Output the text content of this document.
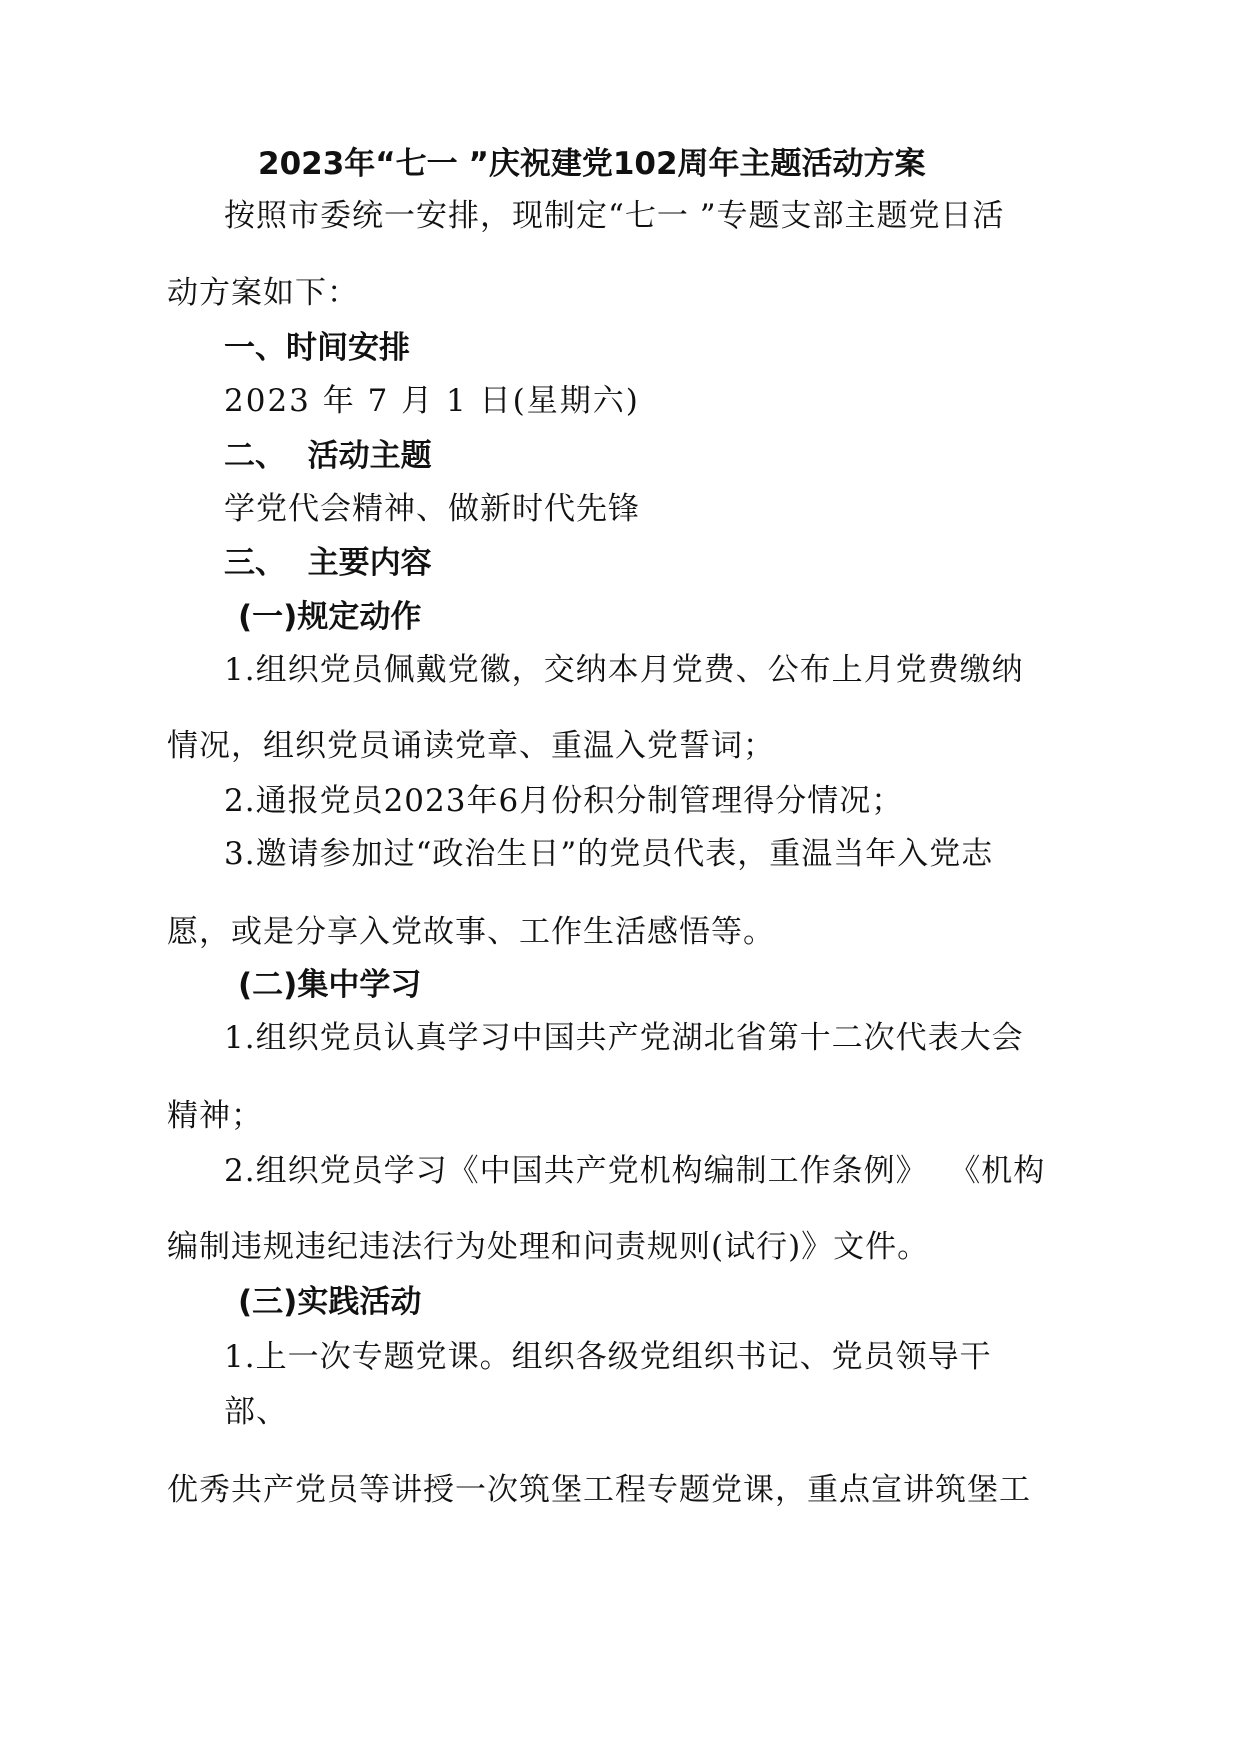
2023年“七一 ”庆祝建党102周年主题活动方案
按照市委统一安排，现制定“七一 ”专题支部主题党日活
动方案如下：
一、时间安排
2023 年 7 月 1 日(星期六)
二、  活动主题
学党代会精神、做新时代先锋
三、  主要内容
(一)规定动作
1.组织党员佩戴党徽，交纳本月党费、公布上月党费缴纳
情况，组织党员诵读党章、重温入党誓词；
2.通报党员2023年6月份积分制管理得分情况；
3.邀请参加过“政治生日”的党员代表，重温当年入党志
愿，或是分享入党故事、工作生活感悟等。
(二)集中学习
1.组织党员认真学习中国共产党湖北省第十二次代表大会
精神；
2.组织党员学习《中国共产党机构编制工作条例》  《机构
编制违规违纪违法行为处理和问责规则(试行)》文件。
(三)实践活动
1.上一次专题党课。组织各级党组织书记、党员领导干
部、
优秀共产党员等讲授一次筑堡工程专题党课，重点宣讲筑堡工
